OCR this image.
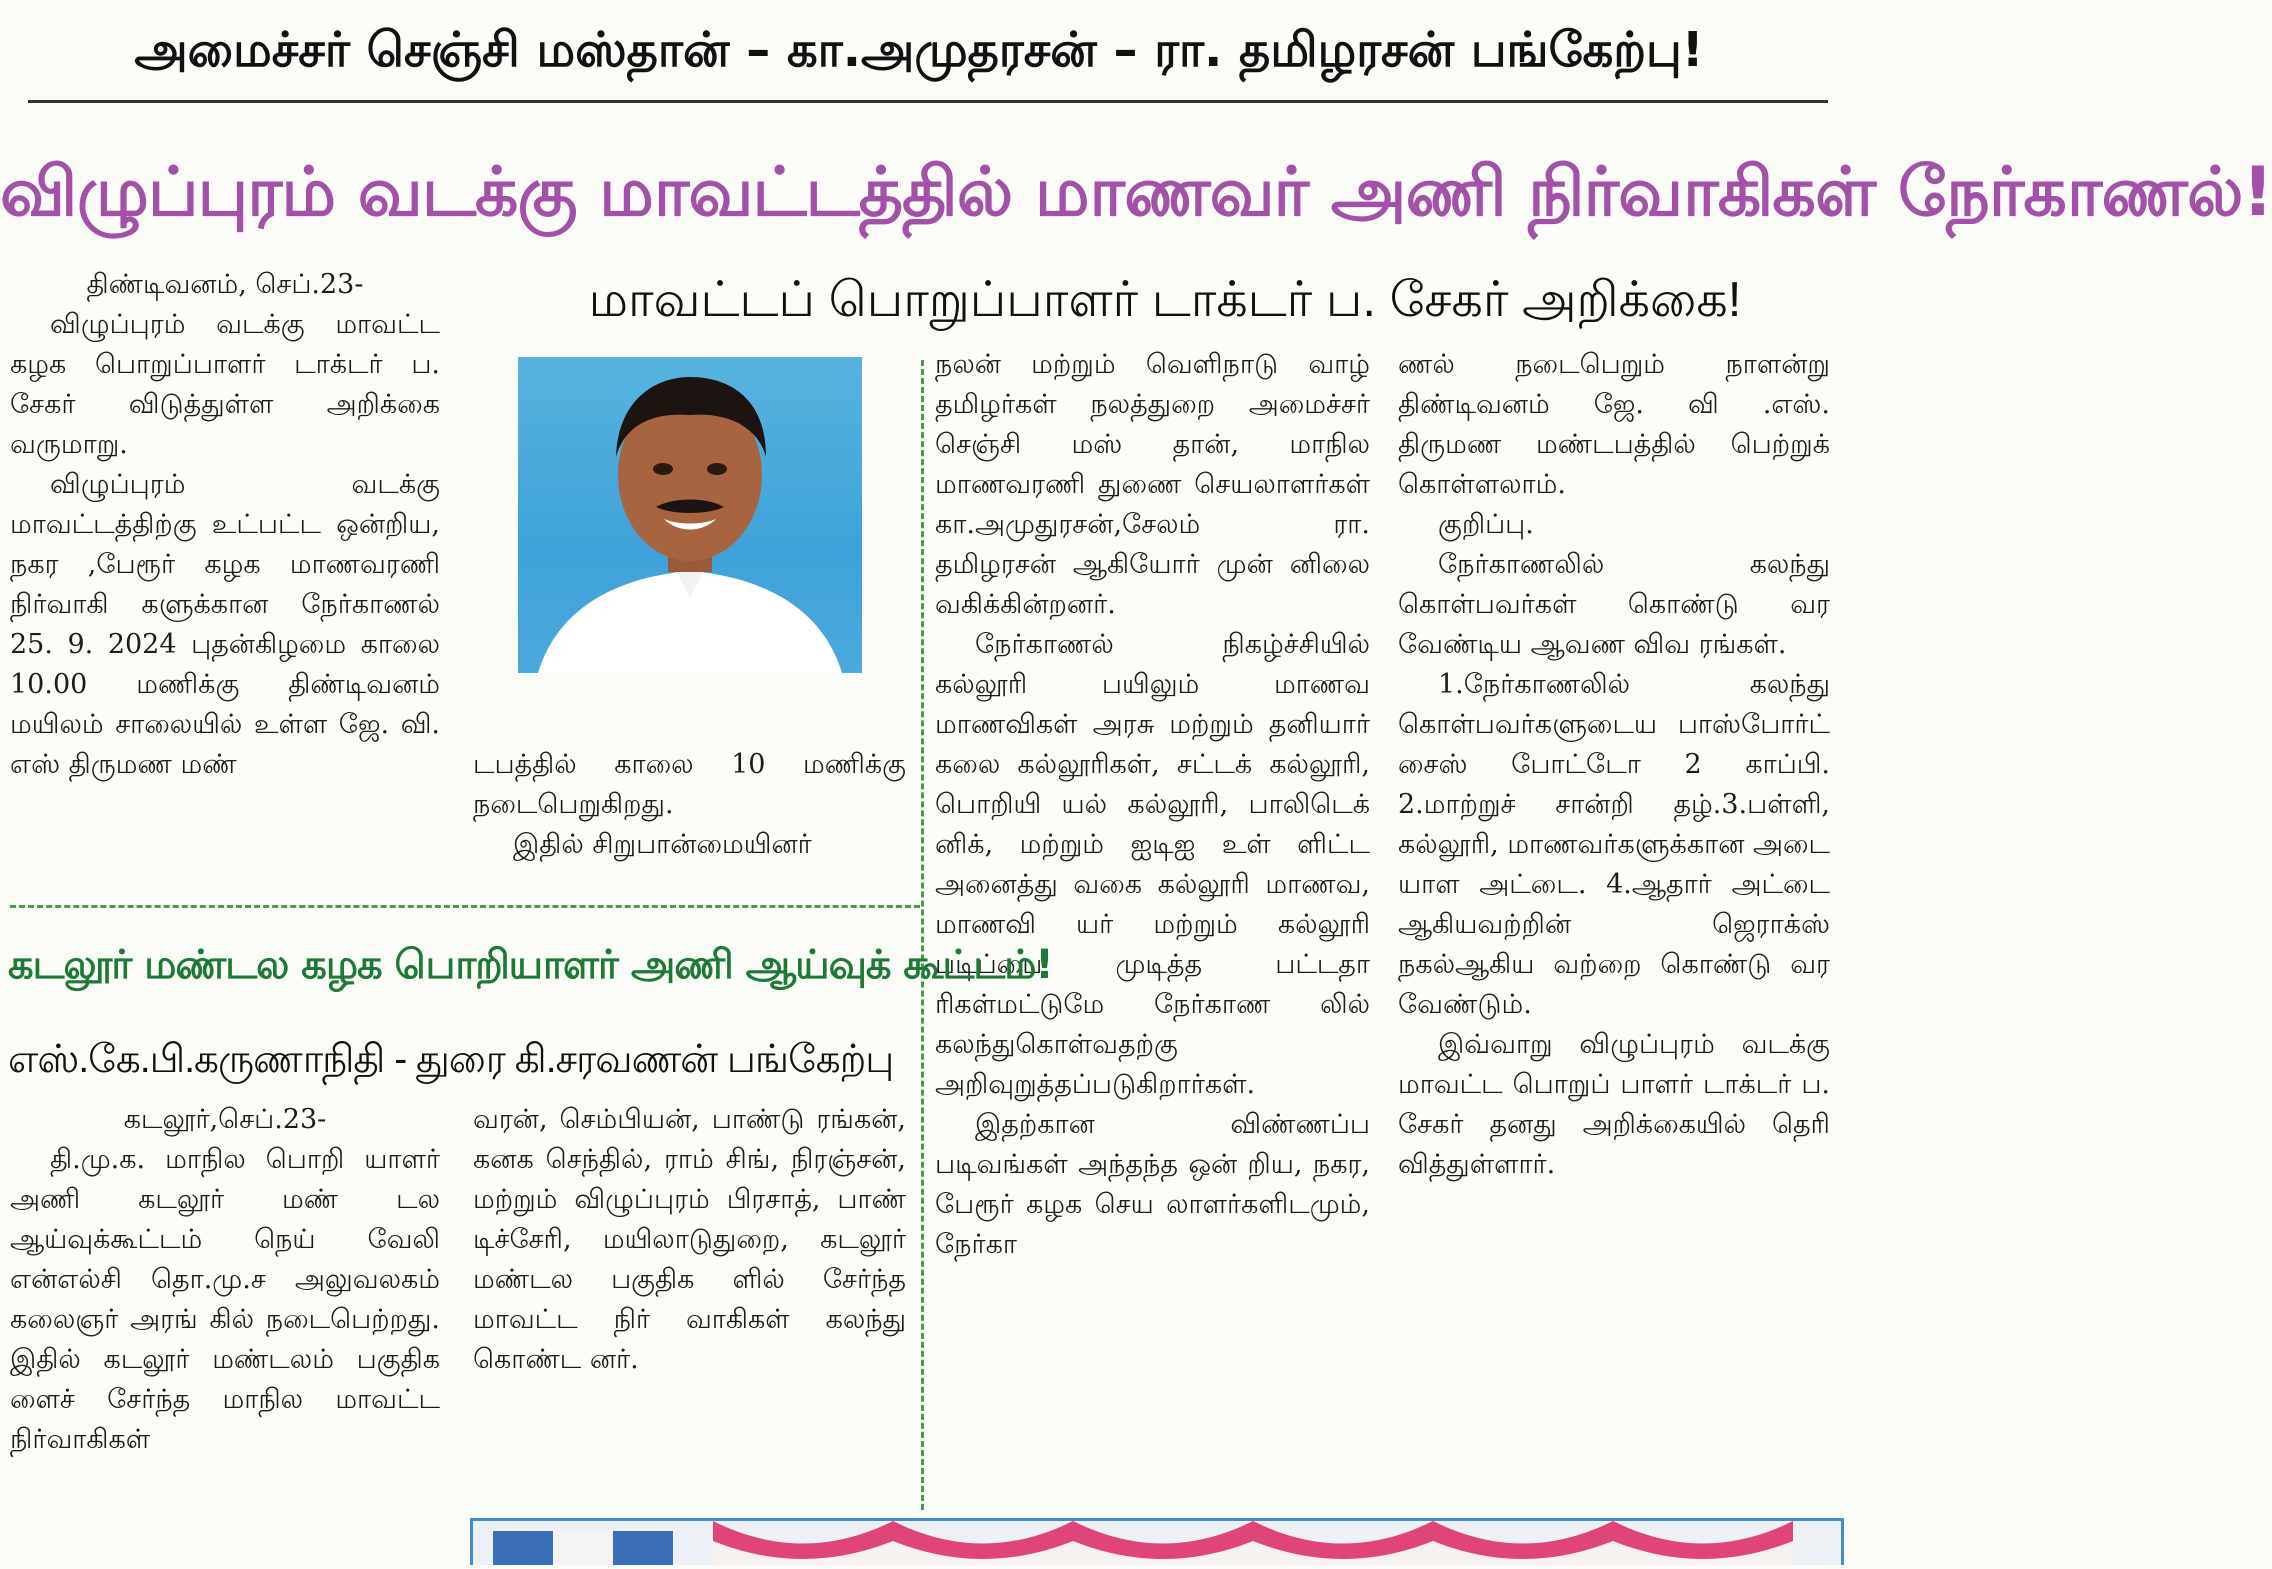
அமைச்சர் செஞ்சி மஸ்தான் – கா.அமுதரசன் – ரா. தமிழரசன் பங்கேற்பு!
விழுப்புரம் வடக்கு மாவட்டத்தில் மாணவர் அணி நிர்வாகிகள் நேர்காணல்!
மாவட்டப் பொறுப்பாளர் டாக்டர் ப. சேகர் அறிக்கை!

திண்டிவனம், செப்.23-

விழுப்புரம் வடக்கு மாவட்ட கழக பொறுப்பாளர் டாக்டர் ப. சேகர் விடுத்துள்ள அறிக்கை வருமாறு.

விழுப்புரம் வடக்கு மாவட்டத்திற்கு உட்பட்ட ஒன்றிய, நகர ,பேரூர் கழக மாணவரணி நிர்வாகி களுக்கான நேர்காணல் 25. 9. 2024 புதன்கிழமை காலை 10.00 மணிக்கு திண்டிவனம் மயிலம் சாலையில் உள்ள ஜே. வி. எஸ் திருமண மண்	டபத்தில் காலை 10 மணிக்கு நடைபெறுகிறது.

இதில் சிறுபான்மையினர்

நலன் மற்றும் வெளிநாடு வாழ் தமிழர்கள் நலத்துறை அமைச்சர் செஞ்சி மஸ் தான், மாநில மாணவரணி துணை செயலாளர்கள் கா.அமுதுரசன்,சேலம் ரா. தமிழரசன் ஆகியோர் முன் னிலை வகிக்கின்றனர்.

நேர்காணல் நிகழ்ச்சியில் கல்லூரி பயிலும் மாணவ மாணவிகள் அரசு மற்றும் தனியார் கலை கல்லூரிகள், சட்டக் கல்லூரி, பொறியி யல் கல்லூரி, பாலிடெக் னிக், மற்றும் ஐடிஐ உள் ளிட்ட அனைத்து வகை கல்லூரி மாணவ, மாணவி யர் மற்றும் கல்லூரி படிப்பை முடித்த பட்டதா ரிகள்மட்டுமே நேர்காண லில் கலந்துகொள்வதற்கு அறிவுறுத்தப்படுகிறார்கள்.

இதற்கான விண்ணப்ப படிவங்கள் அந்தந்த ஒன் றிய, நகர, பேரூர் கழக செய லாளர்களிடமும், நேர்கா

ணல் நடைபெறும் நாளன்று திண்டிவனம் ஜே. வி .எஸ். திருமண மண்டபத்தில் பெற்றுக் கொள்ளலாம்.

குறிப்பு.

நேர்காணலில் கலந்து கொள்பவர்கள் கொண்டு வர வேண்டிய ஆவண விவ ரங்கள்.

1.நேர்காணலில் கலந்து கொள்பவர்களுடைய பாஸ்போர்ட் சைஸ் போட்டோ 2 காப்பி. 2.மாற்றுச் சான்றி தழ்.3.பள்ளி, கல்லூரி, மாணவர்களுக்கான அடை யாள அட்டை. 4.ஆதார் அட்டை ஆகியவற்றின் ஜெராக்ஸ் நகல்ஆகிய வற்றை கொண்டு வர வேண்டும்.

இவ்வாறு விழுப்புரம் வடக்கு மாவட்ட பொறுப் பாளர் டாக்டர் ப. சேகர் தனது அறிக்கையில் தெரி வித்துள்ளார்.

கடலூர் மண்டல கழக பொறியாளர் அணி ஆய்வுக் கூட்டம்!
எஸ்.கே.பி.கருணாநிதி - துரை கி.சரவணன் பங்கேற்பு

கடலூர்,செப்.23-

தி.மு.க. மாநில பொறி யாளர் அணி கடலூர் மண் டல ஆய்வுக்கூட்டம் நெய் வேலி என்எல்சி தொ.மு.ச அலுவலகம் கலைஞர் அரங் கில் நடைபெற்றது. இதில் கடலூர் மண்டலம் பகுதிக ளைச் சேர்ந்த மாநில மாவட்ட நிர்வாகிகள்

வரன், செம்பியன், பாண்டு ரங்கன், கனக செந்தில், ராம் சிங், நிரஞ்சன், மற்றும் விழுப்புரம் பிரசாத், பாண் டிச்சேரி, மயிலாடுதுறை, கடலூர் மண்டல பகுதிக ளில் சேர்ந்த மாவட்ட நிர் வாகிகள் கலந்து கொண்ட னர்.
